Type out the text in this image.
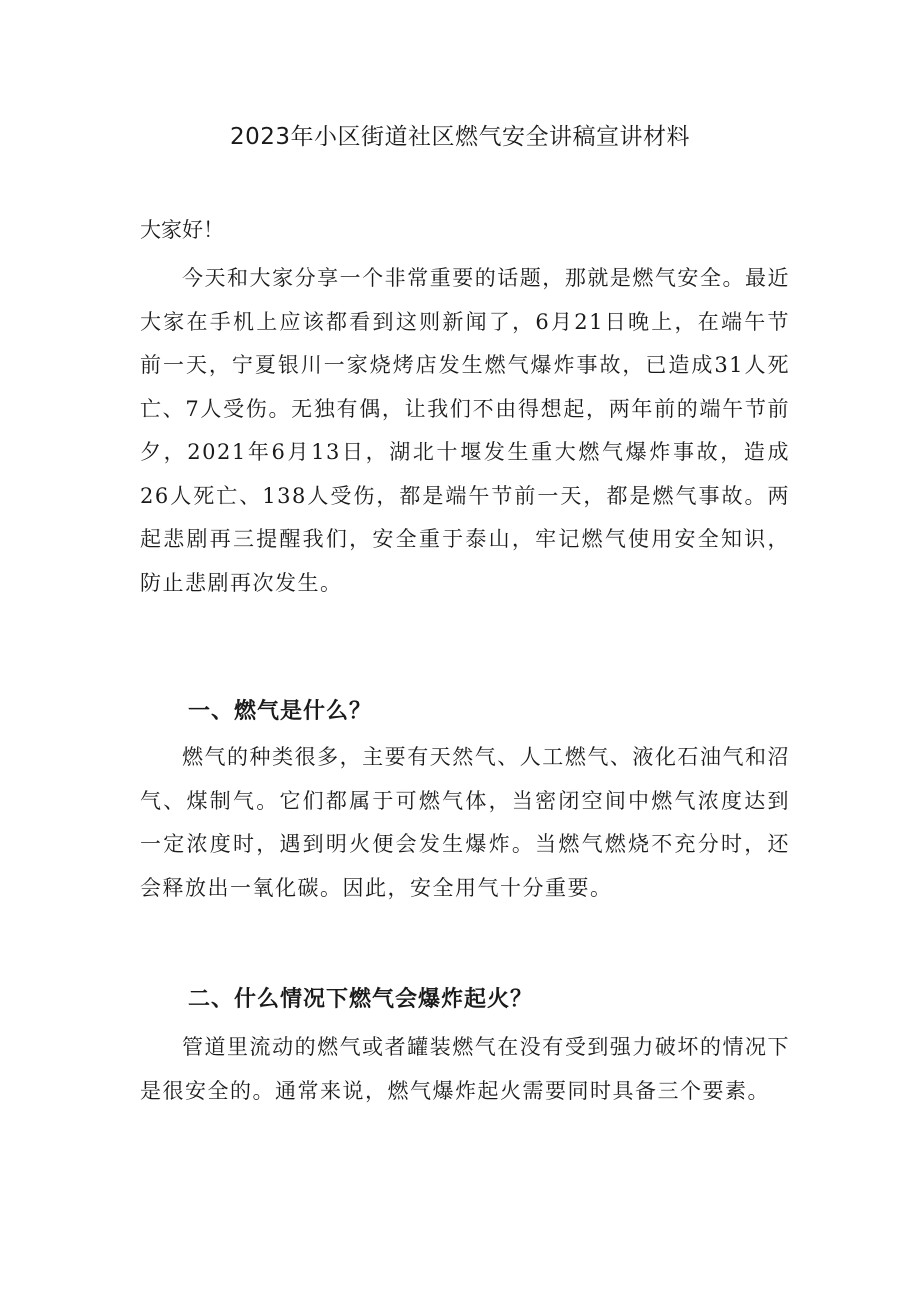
2023年小区街道社区燃气安全讲稿宣讲材料

大家好！

今天和大家分享一个非常重要的话题，那就是燃气安全。最近大家在手机上应该都看到这则新闻了，6月21日晚上，在端午节前一天，宁夏银川一家烧烤店发生燃气爆炸事故，已造成31人死亡、7人受伤。无独有偶，让我们不由得想起，两年前的端午节前夕，2021年6月13日，湖北十堰发生重大燃气爆炸事故，造成26人死亡、138人受伤，都是端午节前一天，都是燃气事故。两起悲剧再三提醒我们，安全重于泰山，牢记燃气使用安全知识，防止悲剧再次发生。

一、燃气是什么？

燃气的种类很多，主要有天然气、人工燃气、液化石油气和沼气、煤制气。它们都属于可燃气体，当密闭空间中燃气浓度达到一定浓度时，遇到明火便会发生爆炸。当燃气燃烧不充分时，还会释放出一氧化碳。因此，安全用气十分重要。

二、什么情况下燃气会爆炸起火？

管道里流动的燃气或者罐装燃气在没有受到强力破坏的情况下是很安全的。通常来说，燃气爆炸起火需要同时具备三个要素。
